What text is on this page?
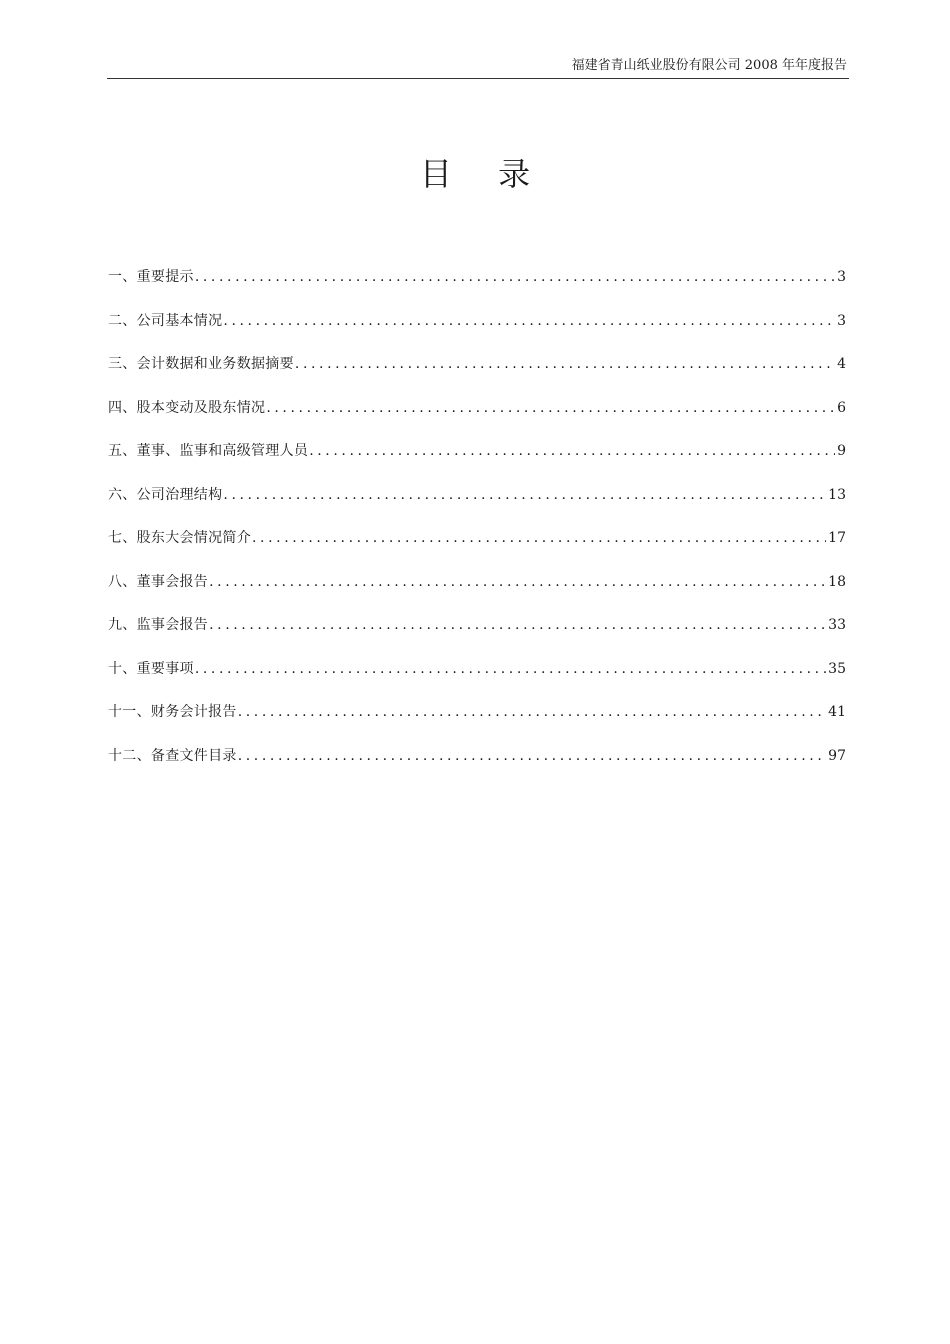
福建省青山纸业股份有限公司 2008 年年度报告
目 录
一、重要提示 .....	3
二、公司基本情况 .....	3
三、会计数据和业务数据摘要 .....	4
四、股本变动及股东情况 .....	6
五、董事、监事和高级管理人员 .....	9
六、公司治理结构 .....	13
七、股东大会情况简介 .....	17
八、董事会报告 .....	18
九、监事会报告 .....	33
十、重要事项 .....	35
十一、财务会计报告 .....	41
十二、备查文件目录 .....	97
